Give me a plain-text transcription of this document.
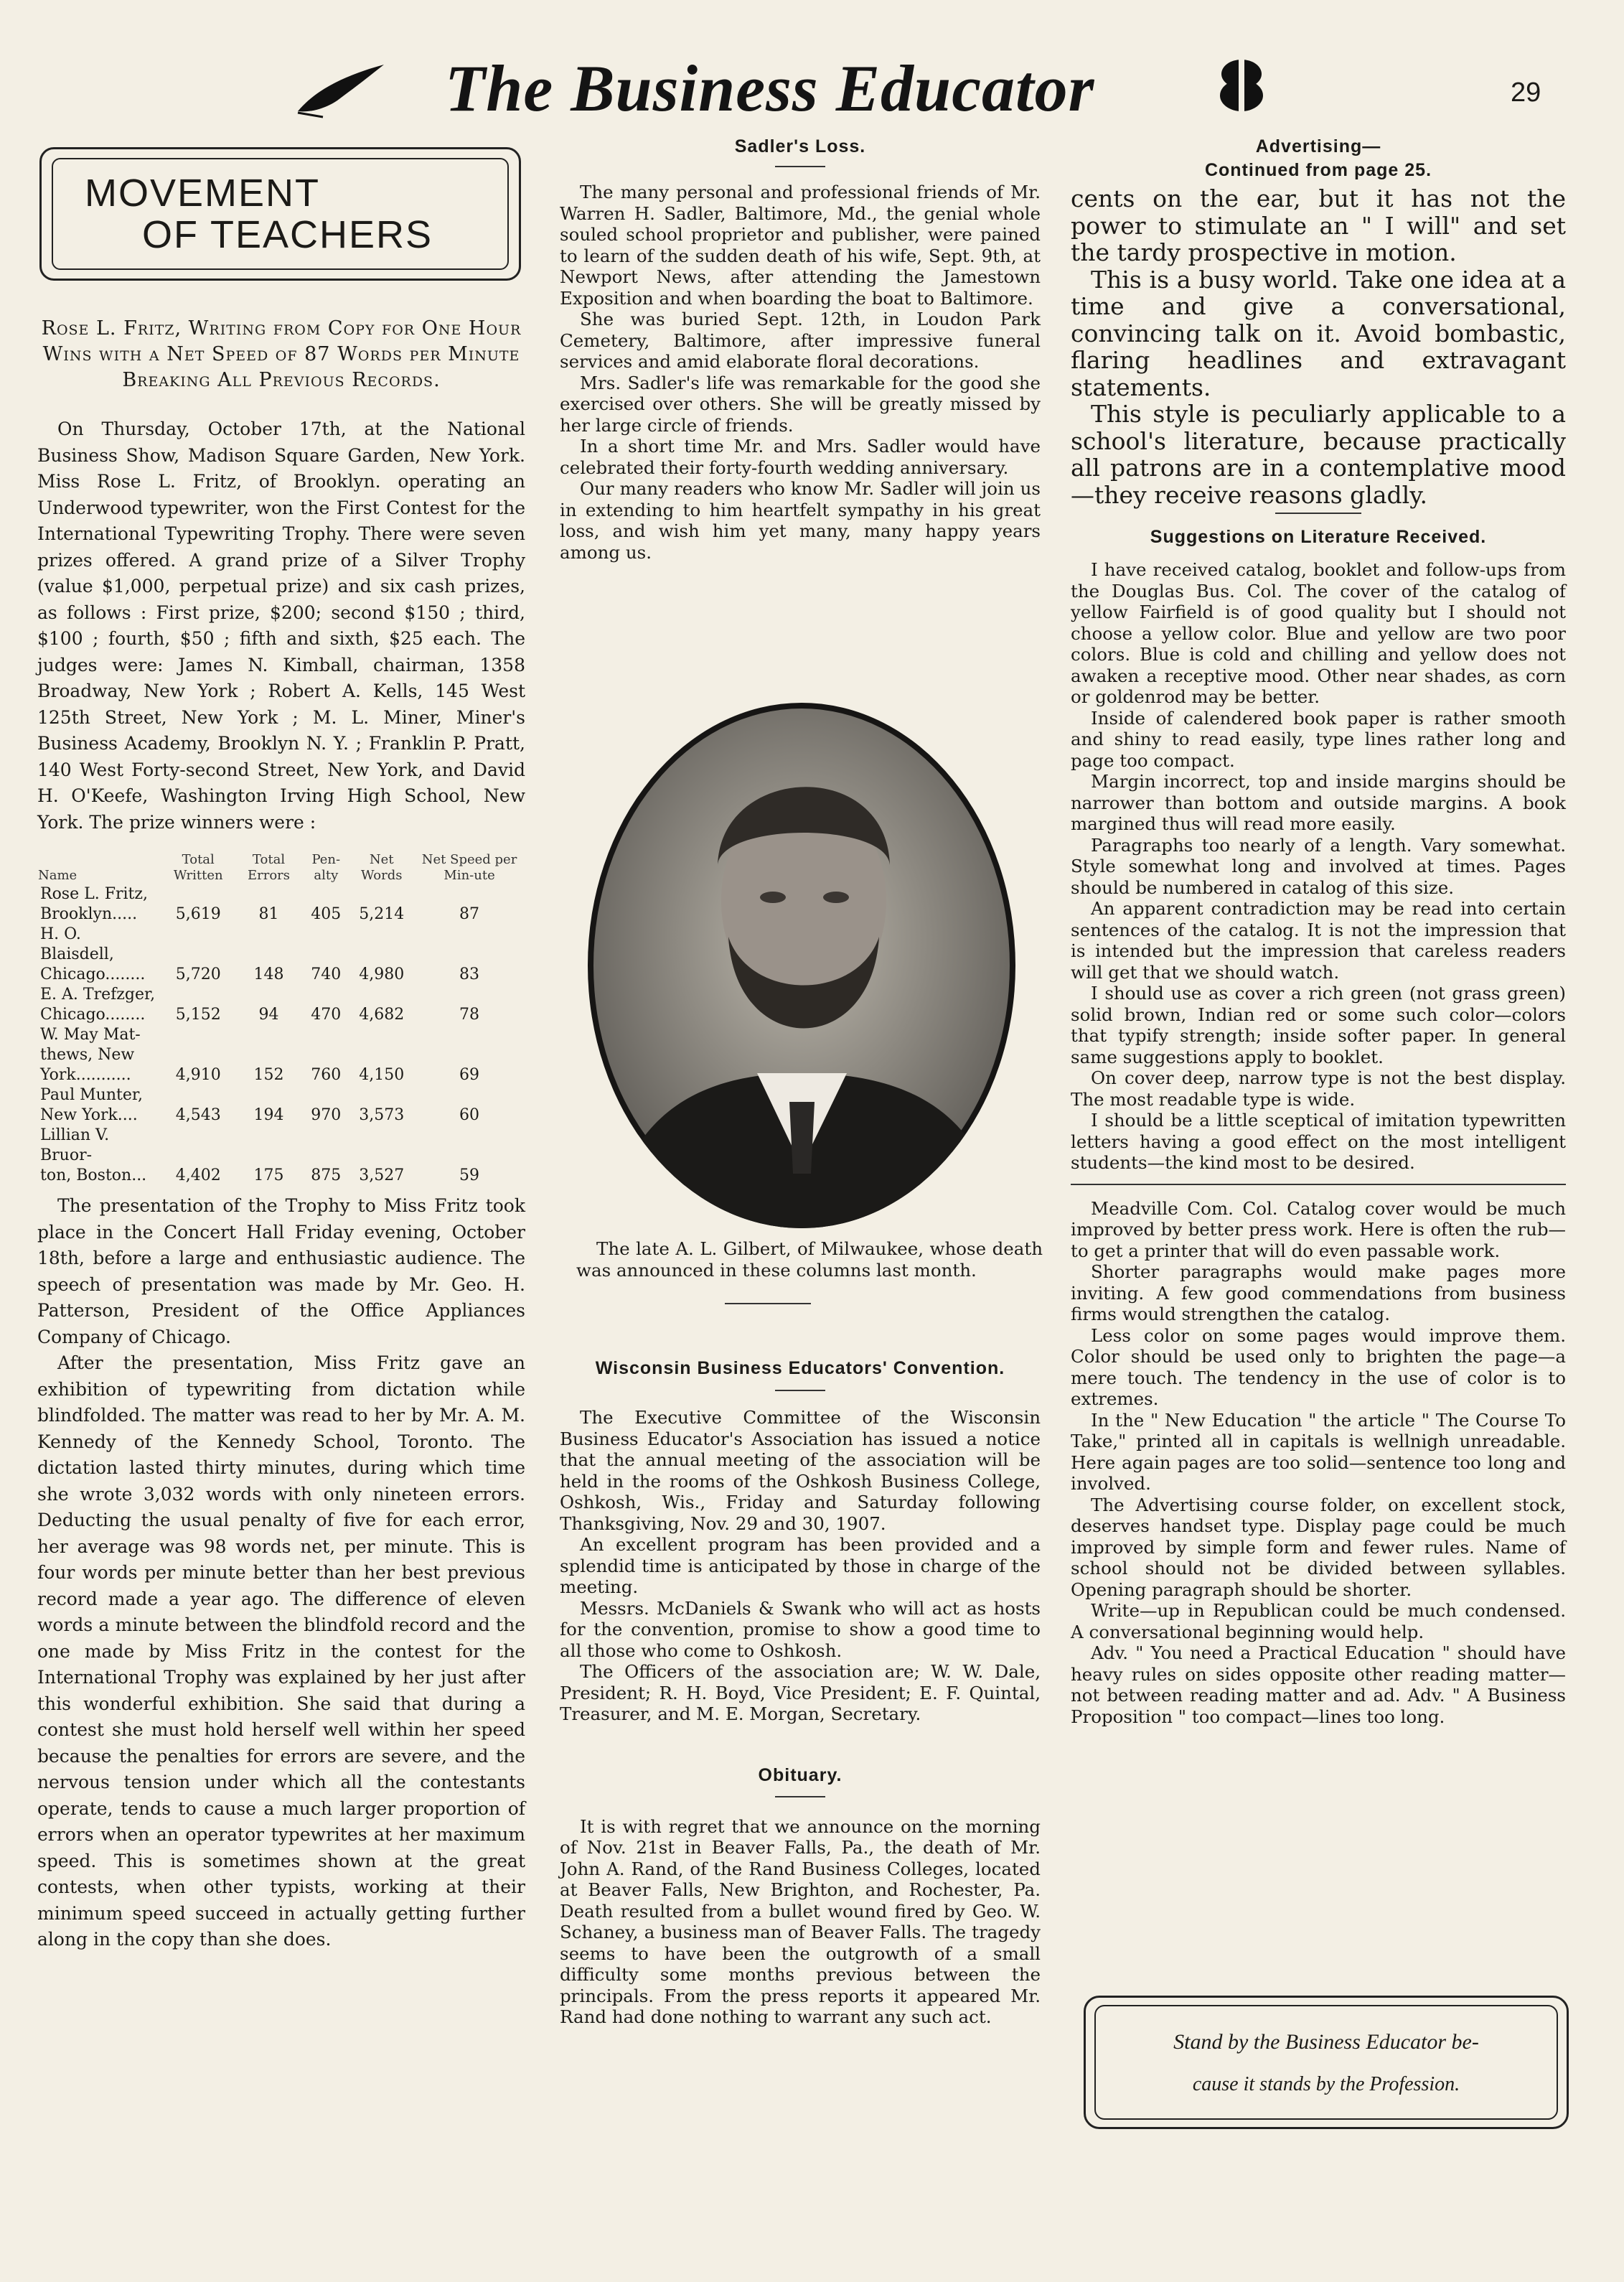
The Business Educator	29
MOVEMENT
OF TEACHERS

Rose L. Fritz, Writing from Copy for One Hour Wins with a Net Speed of 87 Words per Minute Breaking All Previous Records.

On Thursday, October 17th, at the National Business Show, Madison Square Garden, New York. Miss Rose L. Fritz, of Brooklyn. operating an Underwood typewriter, won the First Contest for the International Typewriting Trophy. There were seven prizes offered. A grand prize of a Silver Trophy (value $1,000, perpetual prize) and six cash prizes, as follows : First prize, $200; second $150 ; third, $100 ; fourth, $50 ; fifth and sixth, $25 each. The judges were: James N. Kimball, chairman, 1358 Broadway, New York ; Robert A. Kells, 145 West 125th Street, New York ; M. L. Miner, Miner's Business Academy, Brooklyn N. Y. ; Franklin P. Pratt, 140 West Forty-second Street, New York, and David H. O'Keefe, Washington Irving High School, New York. The prize winners were :

Name	Total Written	Total Errors	Pen-alty	Net Words	Net Speed per Min-ute
Rose L. Fritz,
Brooklyn.....	5,619	81	405	5,214	87
H. O. Blaisdell,
Chicago........	5,720	148	740	4,980	83
E. A. Trefzger,
Chicago........	5,152	94	470	4,682	78
W. May Mat-
thews, New
York...........	4,910	152	760	4,150	69
Paul Munter,
New York....	4,543	194	970	3,573	60
Lillian V. Bruor-
ton, Boston...	4,402	175	875	3,527	59

The presentation of the Trophy to Miss Fritz took place in the Concert Hall Friday evening, October 18th, before a large and enthusiastic audience. The speech of presentation was made by Mr. Geo. H. Patterson, President of the Office Appliances Company of Chicago.

After the presentation, Miss Fritz gave an exhibition of typewriting from dictation while blindfolded. The matter was read to her by Mr. A. M. Kennedy of the Kennedy School, Toronto. The dictation lasted thirty minutes, during which time she wrote 3,032 words with only nineteen errors. Deducting the usual penalty of five for each error, her average was 98 words net, per minute. This is four words per minute better than her best previous record made a year ago. The difference of eleven words a minute between the blindfold record and the one made by Miss Fritz in the contest for the International Trophy was explained by her just after this wonderful exhibition. She said that during a contest she must hold herself well within her speed because the penalties for errors are severe, and the nervous tension under which all the contestants operate, tends to cause a much larger proportion of errors when an operator typewrites at her maximum speed. This is sometimes shown at the great contests, when other typists, working at their minimum speed succeed in actually getting further along in the copy than she does.

Sadler's Loss.

The many personal and professional friends of Mr. Warren H. Sadler, Baltimore, Md., the genial whole souled school proprietor and publisher, were pained to learn of the sudden death of his wife, Sept. 9th, at Newport News, after attending the Jamestown Exposition and when boarding the boat to Baltimore.

She was buried Sept. 12th, in Loudon Park Cemetery, Baltimore, after impressive funeral services and amid elaborate floral decorations.

Mrs. Sadler's life was remarkable for the good she exercised over others. She will be greatly missed by her large circle of friends.

In a short time Mr. and Mrs. Sadler would have celebrated their forty-fourth wedding anniversary.

Our many readers who know Mr. Sadler will join us in extending to him heartfelt sympathy in his great loss, and wish him yet many, many happy years among us.

The late A. L. Gilbert, of Milwaukee, whose death was announced in these columns last month.
Wisconsin Business Educators' Convention.

The Executive Committee of the Wisconsin Business Educator's Association has issued a notice that the annual meeting of the association will be held in the rooms of the Oshkosh Business College, Oshkosh, Wis., Friday and Saturday following Thanksgiving, Nov. 29 and 30, 1907.

An excellent program has been provided and a splendid time is anticipated by those in charge of the meeting.

Messrs. McDaniels & Swank who will act as hosts for the convention, promise to show a good time to all those who come to Oshkosh.

The Officers of the association are; W. W. Dale, President; R. H. Boyd, Vice President; E. F. Quintal, Treasurer, and M. E. Morgan, Secretary.

Obituary.

It is with regret that we announce on the morning of Nov. 21st in Beaver Falls, Pa., the death of Mr. John A. Rand, of the Rand Business Colleges, located at Beaver Falls, New Brighton, and Rochester, Pa. Death resulted from a bullet wound fired by Geo. W. Schaney, a business man of Beaver Falls. The tragedy seems to have been the outgrowth of a small difficulty some months previous between the principals. From the press reports it appeared Mr. Rand had done nothing to warrant any such act.

Advertising—
Continued from page 25.

cents on the ear, but it has not the power to stimulate an " I will" and set the tardy prospective in motion.

This is a busy world. Take one idea at a time and give a conversational, convincing talk on it. Avoid bombastic, flaring headlines and extravagant statements.

This style is peculiarly applicable to a school's literature, because practically all patrons are in a contemplative mood—they receive reasons gladly.

Suggestions on Literature Received.

I have received catalog, booklet and follow-ups from the Douglas Bus. Col. The cover of the catalog of yellow Fairfield is of good quality but I should not choose a yellow color. Blue and yellow are two poor colors. Blue is cold and chilling and yellow does not awaken a receptive mood. Other near shades, as corn or goldenrod may be better.

Inside of calendered book paper is rather smooth and shiny to read easily, type lines rather long and page too compact.

Margin incorrect, top and inside margins should be narrower than bottom and outside margins. A book margined thus will read more easily.

Paragraphs too nearly of a length. Vary somewhat. Style somewhat long and involved at times. Pages should be numbered in catalog of this size.

An apparent contradiction may be read into certain sentences of the catalog. It is not the impression that is intended but the impression that careless readers will get that we should watch.

I should use as cover a rich green (not grass green) solid brown, Indian red or some such color—colors that typify strength; inside softer paper. In general same suggestions apply to booklet.

On cover deep, narrow type is not the best display. The most readable type is wide.

I should be a little sceptical of imitation typewritten letters having a good effect on the most intelligent students—the kind most to be desired.

Meadville Com. Col. Catalog cover would be much improved by better press work. Here is often the rub—to get a printer that will do even passable work.

Shorter paragraphs would make pages more inviting. A few good commendations from business firms would strengthen the catalog.

Less color on some pages would improve them. Color should be used only to brighten the page—a mere touch. The tendency in the use of color is to extremes.

In the " New Education " the article " The Course To Take," printed all in capitals is wellnigh unreadable. Here again pages are too solid—sentence too long and involved.

The Advertising course folder, on excellent stock, deserves handset type. Display page could be much improved by simple form and fewer rules. Name of school should not be divided between syllables. Opening paragraph should be shorter.

Write—up in Republican could be much condensed. A conversational beginning would help.

Adv. " You need a Practical Education " should have heavy rules on sides opposite other reading matter—not between reading matter and ad. Adv. " A Business Proposition " too compact—lines too long.

Stand by the Business Educator be-
cause it stands by the Profession.
